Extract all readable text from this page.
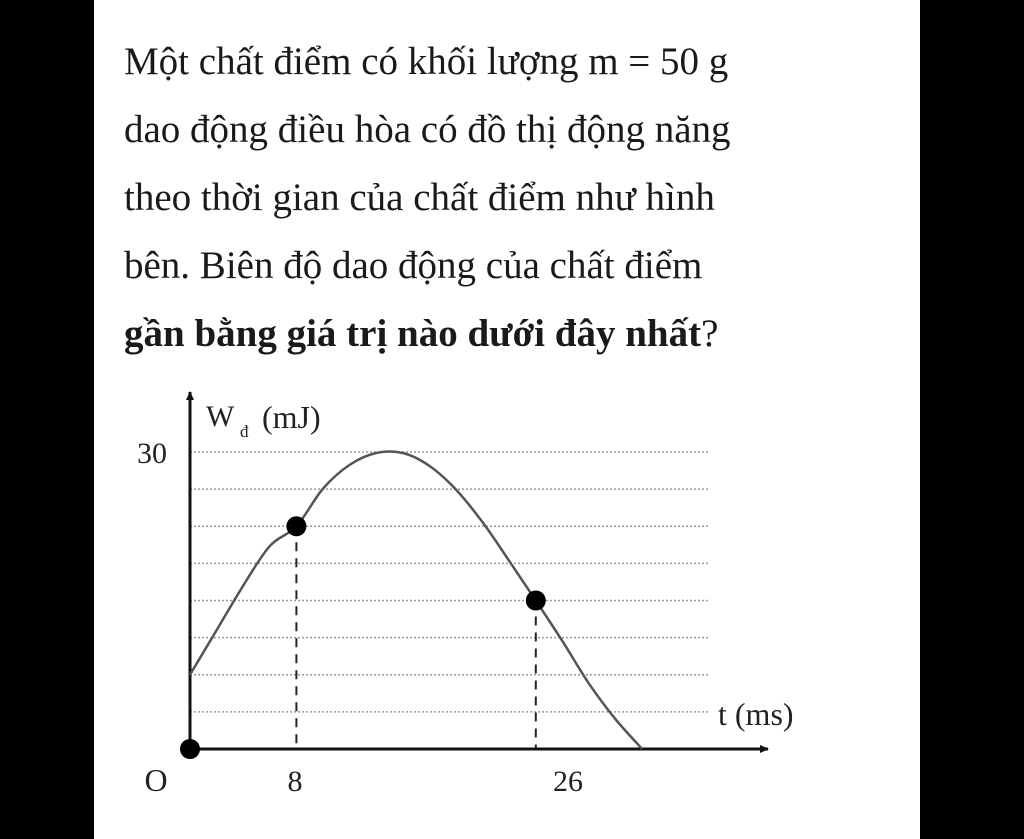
Một chất điểm có khối lượng m = 50 g
dao động điều hòa có đồ thị động năng
theo thời gian của chất điểm như hình
bên. Biên độ dao động của chất điểm
gần bằng giá trị nào dưới đây nhất?

30
O	8	26
W đ (mJ)
t (ms)
